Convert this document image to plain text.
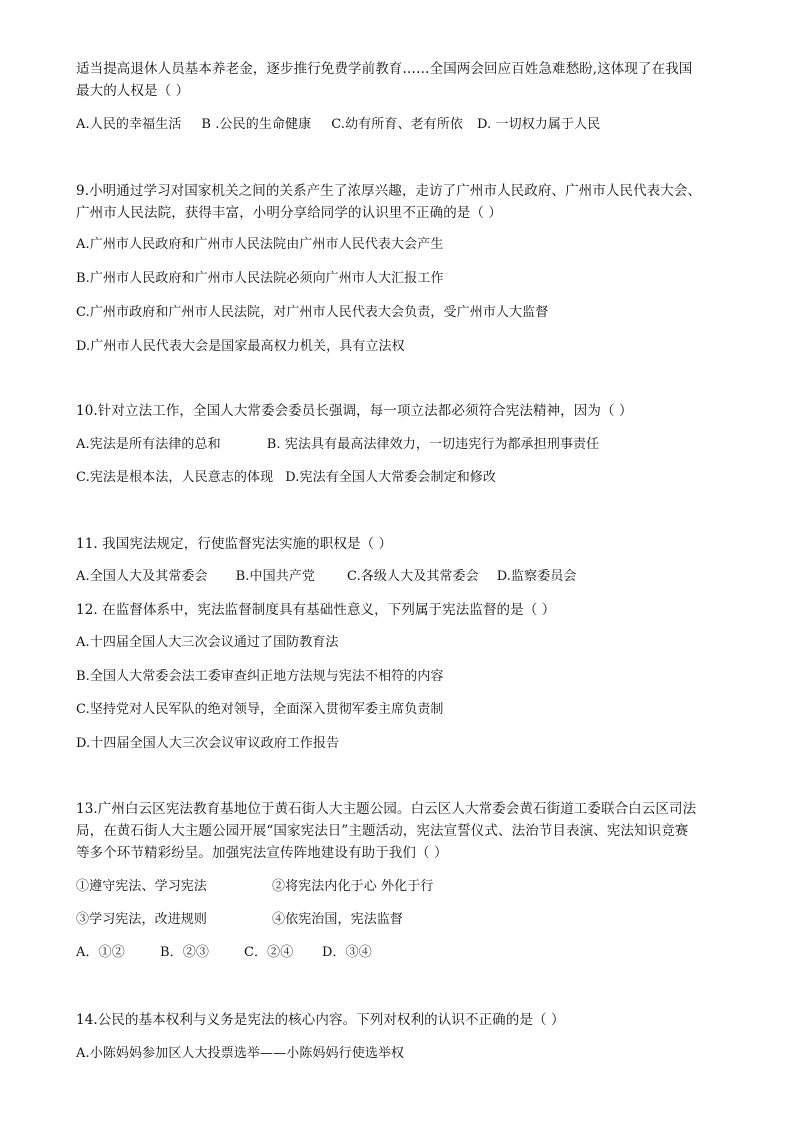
适当提高退休人员基本养老金，逐步推行免费学前教育……全国两会回应百姓急难愁盼,这体现了在我国
最大的人权是（ ）
A.人民的幸福生活 B .公民的生命健康 C.幼有所育、老有所依 D. 一切权力属于人民
9.小明通过学习对国家机关之间的关系产生了浓厚兴趣，走访了广州市人民政府、广州市人民代表大会、
广州市人民法院，获得丰富，小明分享给同学的认识里不正确的是（ ）
A.广州市人民政府和广州市人民法院由广州市人民代表大会产生
B.广州市人民政府和广州市人民法院必须向广州市人大汇报工作
C.广州市政府和广州市人民法院，对广州市人民代表大会负责，受广州市人大监督
D.广州市人民代表大会是国家最高权力机关，具有立法权
10.针对立法工作，全国人大常委会委员长强调，每一项立法都必须符合宪法精神，因为（ ）
A.宪法是所有法律的总和	B. 宪法具有最高法律效力，一切违宪行为都承担刑事责任
C.宪法是根本法，人民意志的体现 D.宪法有全国人大常委会制定和修改
11. 我国宪法规定，行使监督宪法实施的职权是（ ）
A.全国人大及其常委会 B.中国共产党 C.各级人大及其常委会 D.监察委员会
12. 在监督体系中，宪法监督制度具有基础性意义，下列属于宪法监督的是（ ）
A.十四届全国人大三次会议通过了国防教育法
B.全国人大常委会法工委审查纠正地方法规与宪法不相符的内容
C.坚持党对人民军队的绝对领导，全面深入贯彻军委主席负责制
D.十四届全国人大三次会议审议政府工作报告
13.广州白云区宪法教育基地位于黄石街人大主题公园。白云区人大常委会黄石街道工委联合白云区司法
局，在黄石街人大主题公园开展“国家宪法日”主题活动，宪法宣誓仪式、法治节目表演、宪法知识竞赛
等多个环节精彩纷呈。加强宪法宣传阵地建设有助于我们（ ）
①遵守宪法、学习宪法	②将宪法内化于心 外化于行
③学习宪法，改进规则	④依宪治国，宪法监督
A．①②	B．②③	C．②④ D．③④
14.公民的基本权利与义务是宪法的核心内容。下列对权利的认识不正确的是（ ）
A.小陈妈妈参加区人大投票选举——小陈妈妈行使选举权
